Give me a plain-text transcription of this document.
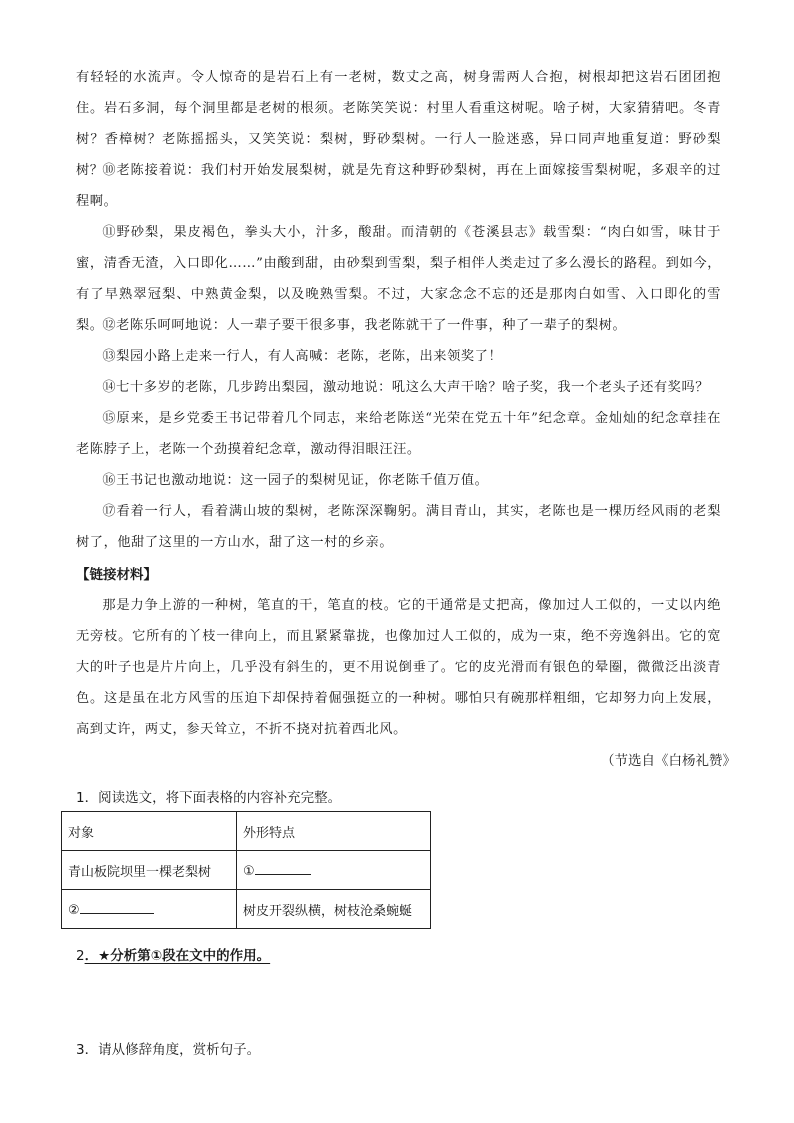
有轻轻的水流声。令人惊奇的是岩石上有一老树，数丈之高，树身需两人合抱，树根却把这岩石团团抱住。岩石多洞，每个洞里都是老树的根须。老陈笑笑说：村里人看重这树呢。啥子树，大家猜猜吧。冬青树？香樟树？老陈摇摇头，又笑笑说：梨树，野砂梨树。一行人一脸迷惑，异口同声地重复道：野砂梨树？

⑩老陈接着说：我们村开始发展梨树，就是先育这种野砂梨树，再在上面嫁接雪梨树呢，多艰辛的过程啊。

⑪野砂梨，果皮褐色，拳头大小，汁多，酸甜。而清朝的《苍溪县志》载雪梨：“肉白如雪，味甘于蜜，清香无渣，入口即化……”由酸到甜，由砂梨到雪梨，梨子相伴人类走过了多么漫长的路程。到如今，有了早熟翠冠梨、中熟黄金梨，以及晚熟雪梨。不过，大家念念不忘的还是那肉白如雪、入口即化的雪梨。

⑫老陈乐呵呵地说：人一辈子要干很多事，我老陈就干了一件事，种了一辈子的梨树。

⑬梨园小路上走来一行人，有人高喊：老陈，老陈，出来领奖了！

⑭七十多岁的老陈，几步跨出梨园，激动地说：吼这么大声干啥？啥子奖，我一个老头子还有奖吗？

⑮原来，是乡党委王书记带着几个同志，来给老陈送“光荣在党五十年”纪念章。金灿灿的纪念章挂在老陈脖子上，老陈一个劲摸着纪念章，激动得泪眼汪汪。

⑯王书记也激动地说：这一园子的梨树见证，你老陈千值万值。

⑰看着一行人，看着满山坡的梨树，老陈深深鞠躬。满目青山，其实，老陈也是一棵历经风雨的老梨树了，他甜了这里的一方山水，甜了这一村的乡亲。

【链接材料】

那是力争上游的一种树，笔直的干，笔直的枝。它的干通常是丈把高，像加过人工似的，一丈以内绝无旁枝。它所有的丫枝一律向上，而且紧紧靠拢，也像加过人工似的，成为一束，绝不旁逸斜出。它的宽大的叶子也是片片向上，几乎没有斜生的，更不用说倒垂了。它的皮光滑而有银色的晕圈，微微泛出淡青色。这是虽在北方风雪的压迫下却保持着倔强挺立的一种树。哪怕只有碗那样粗细，它却努力向上发展，高到丈许，两丈，参天耸立，不折不挠对抗着西北风。

（节选自《白杨礼赞》

1．阅读选文，将下面表格的内容补充完整。

对象	外形特点
青山板院坝里一棵老梨树	①
②	树皮开裂纵横，树枝沧桑蜿蜒

2．★分析第①段在文中的作用。

3．请从修辞角度，赏析句子。
